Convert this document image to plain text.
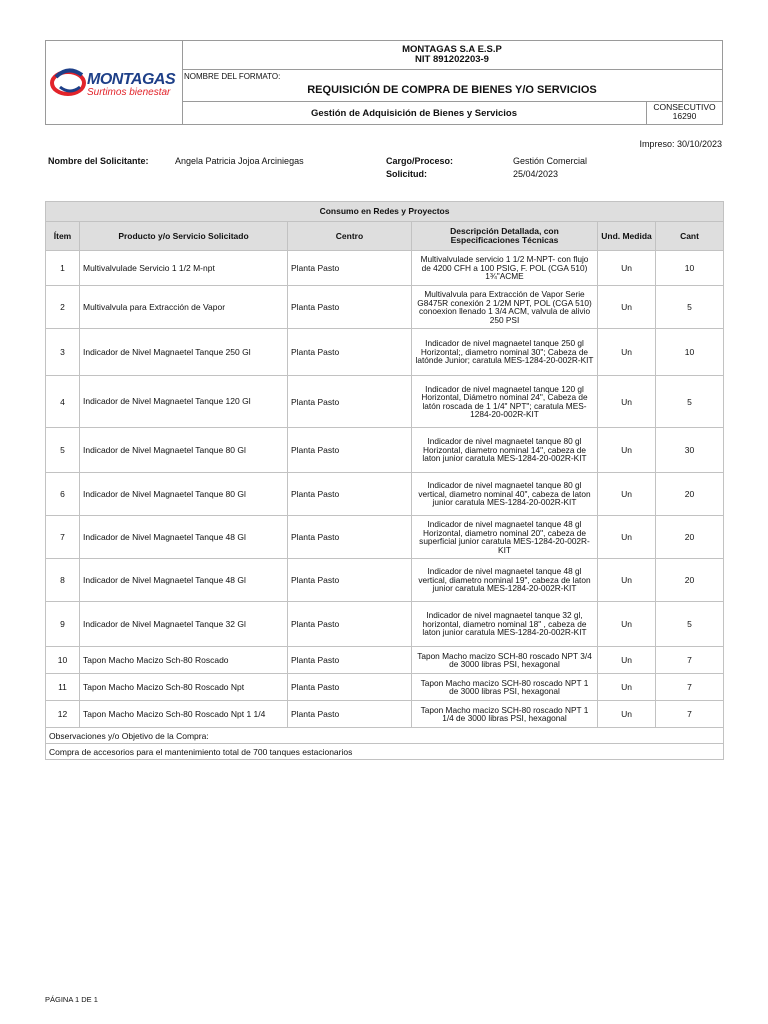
MONTAGAS
Surtimos bienestar
MONTAGAS S.A E.S.P
NIT 891202203-9
NOMBRE DEL FORMATO:
REQUISICIÓN DE COMPRA DE BIENES Y/O SERVICIOS
Gestión de Adquisición de Bienes y Servicios
CONSECUTIVO
16290
Impreso: 30/10/2023
Nombre del Solicitante:	Angela Patricia Jojoa Arciniegas	Cargo/Proceso:	Gestión Comercial
Solicitud:	25/04/2023
Consumo en Redes y Proyectos					
Ítem	Producto y/o Servicio Solicitado	Centro	Descripción Detallada, con Especificaciones Técnicas	Und. Medida	Cant
1	Multivalvulade Servicio 1 1/2 M-npt	Planta Pasto	Multivalvulade servicio 1 1/2 M-NPT- con flujo de 4200 CFH a 100 PSIG, F. POL (CGA 510) 1¾"ACME	Un	10
2	Multivalvula para Extracción de Vapor	Planta Pasto	Multivalvula para Extracción de Vapor Serie G8475R conexión 2 1/2M NPT, POL (CGA 510) conoexion llenado 1 3/4 ACM, valvula de alivio 250 PSI	Un	5
3	Indicador de Nivel Magnaetel Tanque 250 Gl	Planta Pasto	Indicador de nivel magnaetel tanque 250 gl Horizontal;, diametro nominal 30"; Cabeza de latónde Junior; caratula MES-1284-20-002R-KIT	Un	10
4	Indicador de Nivel Magnaetel Tanque 120 Gl	Planta Pasto	Indicador de nivel magnaetel tanque 120 gl Horizontal, Diámetro nominal 24", Cabeza de latón roscada de 1 1/4" NPT"; caratula MES-1284-20-002R-KIT	Un	5
5	Indicador de Nivel Magnaetel Tanque 80 Gl	Planta Pasto	Indicador de nivel magnaetel tanque 80 gl Horizontal, diametro nominal 14", cabeza de laton junior caratula MES-1284-20-002R-KIT	Un	30
6	Indicador de Nivel Magnaetel Tanque 80 Gl	Planta Pasto	Indicador de nivel magnaetel tanque 80 gl vertical, diametro nominal 40", cabeza de laton junior caratula MES-1284-20-002R-KIT	Un	20
7	Indicador de Nivel Magnaetel Tanque 48 Gl	Planta Pasto	Indicador de nivel magnaetel tanque 48 gl Horizontal, diametro nominal 20", cabeza de superficial junior caratula MES-1284-20-002R-KIT	Un	20
8	Indicador de Nivel Magnaetel Tanque 48 Gl	Planta Pasto	Indicador de nivel magnaetel tanque 48 gl vertical, diametro nominal 19", cabeza de laton junior caratula MES-1284-20-002R-KIT	Un	20
9	Indicador de Nivel Magnaetel Tanque 32 Gl	Planta Pasto	Indicador de nivel magnaetel tanque 32 gl, horizontal, diametro nominal 18" , cabeza de laton junior caratula MES-1284-20-002R-KIT	Un	5
10	Tapon Macho Macizo Sch-80 Roscado	Planta Pasto	Tapon Macho macizo SCH-80 roscado NPT 3/4 de 3000 libras PSI, hexagonal	Un	7
11	Tapon Macho Macizo Sch-80 Roscado Npt	Planta Pasto	Tapon Macho macizo SCH-80 roscado NPT 1 de 3000 libras PSI, hexagonal	Un	7
12	Tapon Macho Macizo Sch-80 Roscado Npt 1 1/4	Planta Pasto	Tapon Macho macizo SCH-80 roscado NPT 1 1/4 de 3000 libras PSI, hexagonal	Un	7
Observaciones y/o Objetivo de la Compra:					
Compra de accesorios para el mantenimiento total de 700 tanques estacionarios					
PÁGINA 1 DE 1
